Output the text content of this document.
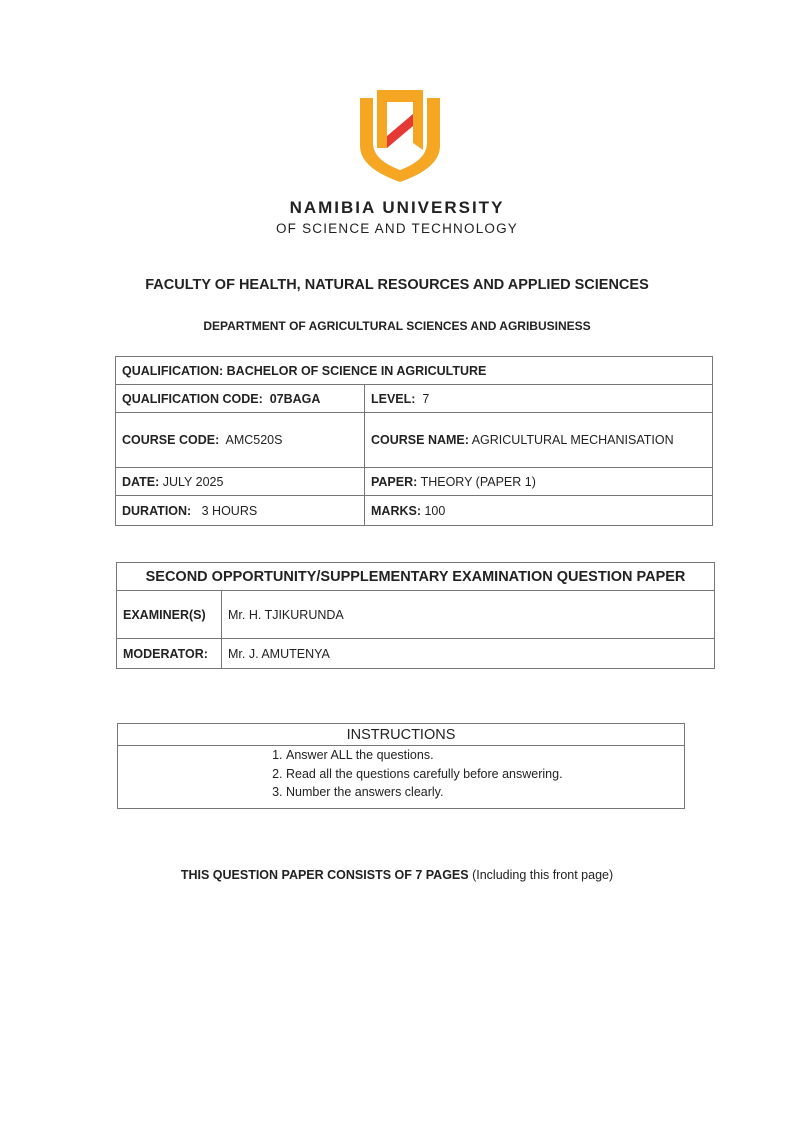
NAMIBIA UNIVERSITY
OF SCIENCE AND TECHNOLOGY
FACULTY OF HEALTH, NATURAL RESOURCES AND APPLIED SCIENCES
DEPARTMENT OF AGRICULTURAL SCIENCES AND AGRIBUSINESS
QUALIFICATION: BACHELOR OF SCIENCE IN AGRICULTURE	
QUALIFICATION CODE: 07BAGA	LEVEL: 7
COURSE CODE: AMC520S	COURSE NAME: AGRICULTURAL MECHANISATION
DATE: JULY 2025	PAPER: THEORY (PAPER 1)
DURATION: 3 HOURS	MARKS: 100
SECOND OPPORTUNITY/SUPPLEMENTARY EXAMINATION QUESTION PAPER	
EXAMINER(S)	Mr. H. TJIKURUNDA
MODERATOR:	Mr. J. AMUTENYA
INSTRUCTIONS

1. Answer ALL the questions.
2. Read all the questions carefully before answering.
3. Number the answers clearly.
THIS QUESTION PAPER CONSISTS OF 7 PAGES (Including this front page)
